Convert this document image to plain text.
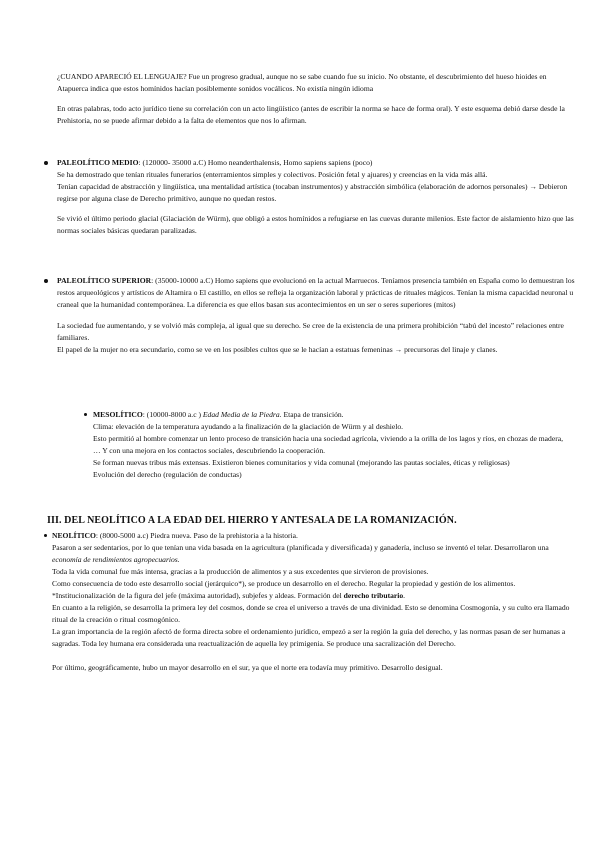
¿CUANDO APARECIÓ EL LENGUAJE? Fue un progreso gradual, aunque no se sabe cuando fue su inicio. No obstante, el descubrimiento del hueso hioides en Atapuerca indica que estos homínidos hacían posiblemente sonidos vocálicos. No existía ningún idioma

En otras palabras, todo acto jurídico tiene su correlación con un acto lingüístico (antes de escribir la norma se hace de forma oral). Y este esquema debió darse desde la Prehistoria, no se puede afirmar debido a la falta de elementos que nos lo afirman.

PALEOLÍTICO MEDIO: (120000- 35000 a.C) Homo neanderthalensis, Homo sapiens sapiens (poco)

Se ha demostrado que tenían rituales funerarios (enterramientos simples y colectivos. Posición fetal y ajuares) y creencias en la vida más allá.

Tenían capacidad de abstracción y lingüística, una mentalidad artística (tocaban instrumentos) y abstracción simbólica (elaboración de adornos personales) → Debieron regirse por alguna clase de Derecho primitivo, aunque no quedan restos.

Se vivió el último periodo glacial (Glaciación de Würm), que obligó a estos homínidos a refugiarse en las cuevas durante milenios. Este factor de aislamiento hizo que las normas sociales básicas quedaran paralizadas.

PALEOLÍTICO SUPERIOR: (35000-10000 a.C) Homo sapiens que evolucionó en la actual Marruecos. Teníamos presencia también en España como lo demuestran los restos arqueológicos y artísticos de Altamira o El castillo, en ellos se refleja la organización laboral y prácticas de rituales mágicos. Tenían la misma capacidad neuronal u craneal que la humanidad contemporánea. La diferencia es que ellos basan sus acontecimientos en un ser o seres superiores (mitos)

La sociedad fue aumentando, y se volvió más compleja, al igual que su derecho. Se cree de la existencia de una primera prohibición “tabú del incesto” relaciones entre familiares.

El papel de la mujer no era secundario, como se ve en los posibles cultos que se le hacían a estatuas femeninas → precursoras del linaje y clanes.

MESOLÍTICO: (10000-8000 a.c ) Edad Media de la Piedra. Etapa de transición.

Clima: elevación de la temperatura ayudando a la finalización de la glaciación de Würm y al deshielo.

Esto permitió al hombre comenzar un lento proceso de transición hacia una sociedad agrícola, viviendo a la orilla de los lagos y ríos, en chozas de madera, … Y con una mejora en los contactos sociales, descubriendo la cooperación.

Se forman nuevas tribus más extensas. Existieron bienes comunitarios y vida comunal (mejorando las pautas sociales, éticas y religiosas)

Evolución del derecho (regulación de conductas)

III. DEL NEOLÍTICO A LA EDAD DEL HIERRO Y ANTESALA DE LA ROMANIZACIÓN.

NEOLÍTICO: (8000-5000 a.c) Piedra nueva. Paso de la prehistoria a la historia.

Pasaron a ser sedentarios, por lo que tenían una vida basada en la agricultura (planificada y diversificada) y ganadería, incluso se inventó el telar. Desarrollaron una economía de rendimientos agropecuarios.

Toda la vida comunal fue más intensa, gracias a la producción de alimentos y a sus excedentes que sirvieron de provisiones.

Como consecuencia de todo este desarrollo social (jerárquico*), se produce un desarrollo en el derecho. Regular la propiedad y gestión de los alimentos.

*Institucionalización de la figura del jefe (máxima autoridad), subjefes y aldeas. Formación del derecho tributario.

En cuanto a la religión, se desarrolla la primera ley del cosmos, donde se crea el universo a través de una divinidad. Esto se denomina Cosmogonía, y su culto era llamado ritual de la creación o ritual cosmogónico.

La gran importancia de la región afectó de forma directa sobre el ordenamiento jurídico, empezó a ser la región la guía del derecho, y las normas pasan de ser humanas a sagradas. Toda ley humana era considerada una reactualización de aquella ley primigenia. Se produce una sacralización del Derecho.

Por último, geográficamente, hubo un mayor desarrollo en el sur, ya que el norte era todavía muy primitivo. Desarrollo desigual.
